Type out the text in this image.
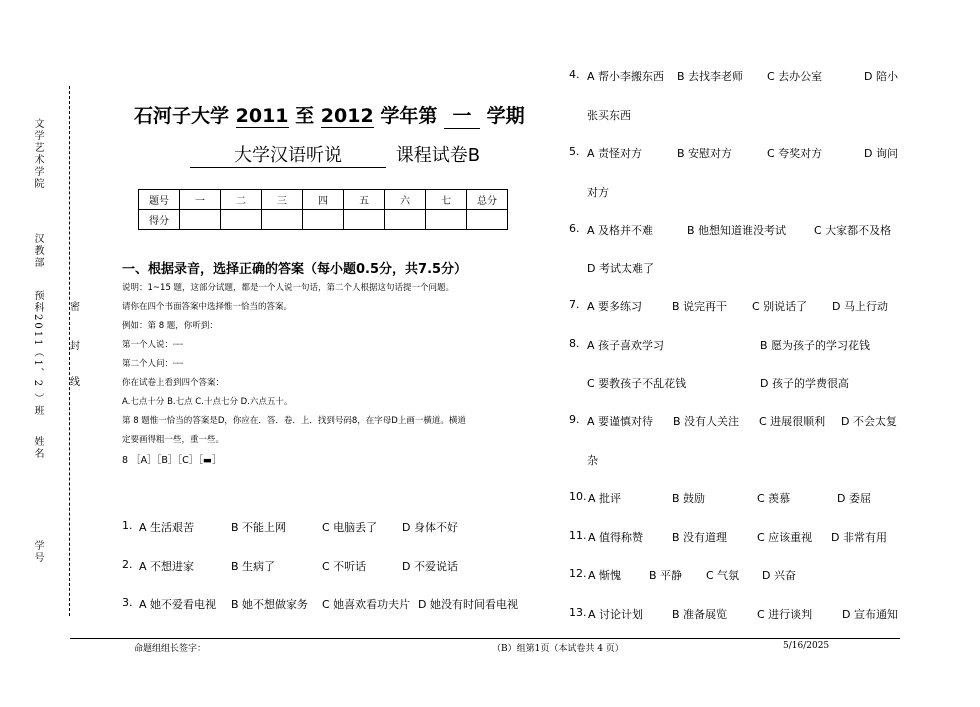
文学艺术学院
汉教部
预科2011（1、2 ）班
姓名
学号
密
封
线
石河子大学 2011 至 2012 学年第 一 学期
大学汉语听说	课程试卷B
题号	一	二	三	四	五	六	七	总分
得分								
一、根据录音，选择正确的答案（每小题0.5分，共7.5分）
说明：1~15 题，这部分试题，都是一个人说一句话，第二个人根据这句话提一个问题。
请你在四个书面答案中选择惟一恰当的答案。
例如：第 8 题，你听到：
第一个人说：┈┈
第二个人问：┈┈
你在试卷上看到四个答案：
A.七点十分 B.七点 C.十点七分 D.六点五十。
第 8 题惟一恰当的答案是D，你应在．答．卷．上．找到号码8，在字母D上画一横道。横道
定要画得粗一些，重一些。
8 ［A］［B］［C］［▬］
1. A 生活艰苦	B 不能上网	C 电脑丢了 D 身体不好
2. A 不想进家	B 生病了	C 不听话	D 不爱说话
3. A 她不爱看电视 B 她不想做家务 C 她喜欢看功夫片 D 她没有时间看电视
4. A 帮小李搬东西 B 去找李老师 C 去办公室	D 陪小
张买东西
5. A 责怪对方	B 安慰对方	C 夸奖对方	D 询问
对方
6. A 及格并不难	B 他想知道谁没考试	C 大家都不及格
D 考试太难了
7. A 要多练习	B 说完再干 C 别说话了 D 马上行动
8. A 孩子喜欢学习	B 愿为孩子的学习花钱
C 要教孩子不乱花钱	D 孩子的学费很高
9. A 要谨慎对待 B 没有人关注 C 进展很顺利 D 不会太复
杂
10. A 批评	B 鼓励	C 羡慕	D 委屈
11. A 值得称赞	B 没有道理	C 应该重视 D 非常有用
12. A 惭愧	B 平静 C 气氛 D 兴奋
13. A 讨论计划	B 准备展览	C 进行谈判	D 宣布通知
命题组组长签字：	（B）组第1页（本试卷共 4 页）	5/16/2025
